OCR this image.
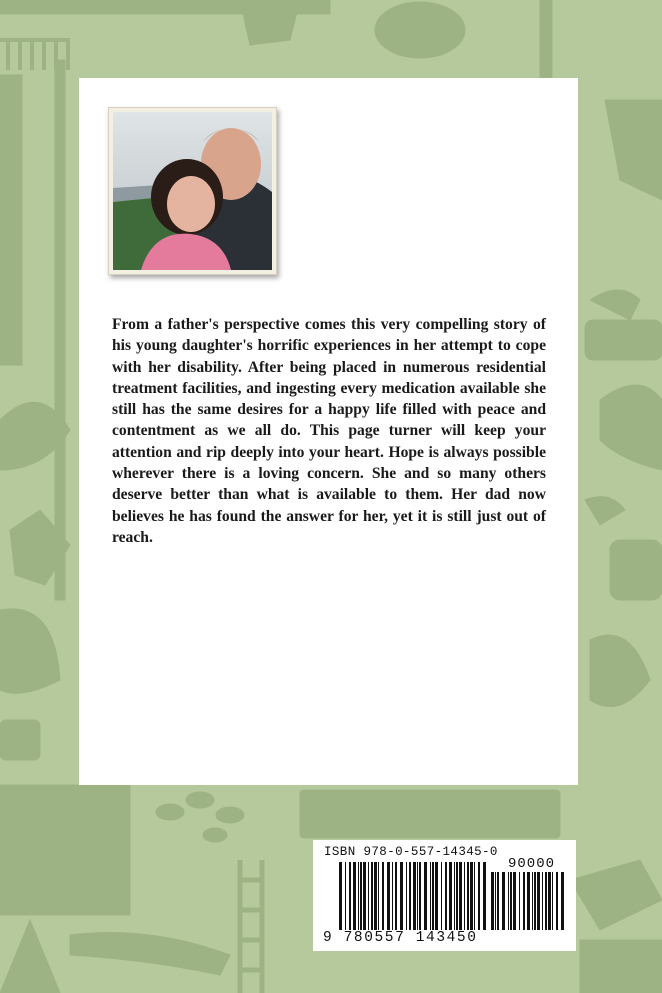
From a father's perspective comes this very compelling story of his young daughter's horrific experiences in her attempt to cope with her disability. After being placed in numerous residential treatment facilities, and ingesting every medication available she still has the same desires for a happy life filled with peace and contentment as we all do. This page turner will keep your attention and rip deeply into your heart. Hope is always possible wherever there is a loving concern. She and so many others deserve better than what is available to them. Her dad now believes he has found the answer for her, yet it is still just out of reach.

ISBN 978-0-557-14345-0
90000
9 780557 143450
